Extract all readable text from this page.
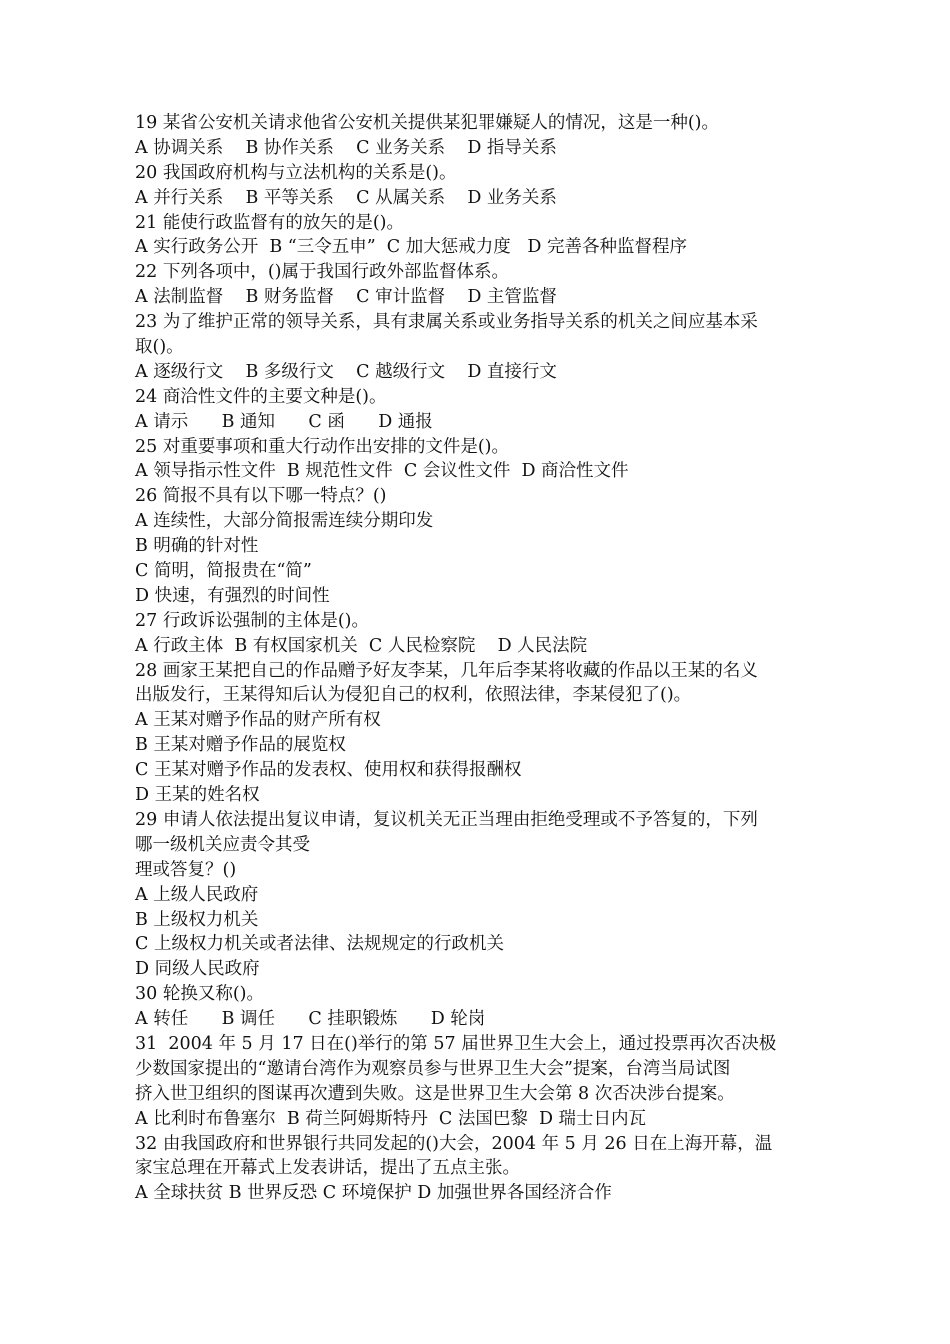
19 某省公安机关请求他省公安机关提供某犯罪嫌疑人的情况，这是一种()。
A 协调关系    B 协作关系    C 业务关系    D 指导关系
20 我国政府机构与立法机构的关系是()。
A 并行关系    B 平等关系    C 从属关系    D 业务关系
21 能使行政监督有的放矢的是()。
A 实行政务公开  B “三令五申”  C 加大惩戒力度   D 完善各种监督程序
22 下列各项中，()属于我国行政外部监督体系。
A 法制监督    B 财务监督    C 审计监督    D 主管监督
23 为了维护正常的领导关系，具有隶属关系或业务指导关系的机关之间应基本采
取()。
A 逐级行文    B 多级行文    C 越级行文    D 直接行文
24 商洽性文件的主要文种是()。
A 请示      B 通知      C 函      D 通报
25 对重要事项和重大行动作出安排的文件是()。
A 领导指示性文件  B 规范性文件  C 会议性文件  D 商洽性文件
26 简报不具有以下哪一特点？()
A 连续性，大部分简报需连续分期印发
B 明确的针对性
C 简明，简报贵在“简”
D 快速，有强烈的时间性
27 行政诉讼强制的主体是()。
A 行政主体  B 有权国家机关  C 人民检察院    D 人民法院
28 画家王某把自己的作品赠予好友李某，几年后李某将收藏的作品以王某的名义
出版发行，王某得知后认为侵犯自己的权利，依照法律，李某侵犯了()。
A 王某对赠予作品的财产所有权
B 王某对赠予作品的展览权
C 王某对赠予作品的发表权、使用权和获得报酬权
D 王某的姓名权
29 申请人依法提出复议申请，复议机关无正当理由拒绝受理或不予答复的，下列
哪一级机关应责令其受
理或答复？()
A 上级人民政府
B 上级权力机关
C 上级权力机关或者法律、法规规定的行政机关
D 同级人民政府
30 轮换又称()。
A 转任      B 调任      C 挂职锻炼      D 轮岗
31  2004 年 5 月 17 日在()举行的第 57 届世界卫生大会上，通过投票再次否决极
少数国家提出的“邀请台湾作为观察员参与世界卫生大会”提案，台湾当局试图
挤入世卫组织的图谋再次遭到失败。这是世界卫生大会第 8 次否决涉台提案。
A 比利时布鲁塞尔  B 荷兰阿姆斯特丹  C 法国巴黎  D 瑞士日内瓦
32 由我国政府和世界银行共同发起的()大会，2004 年 5 月 26 日在上海开幕，温
家宝总理在开幕式上发表讲话，提出了五点主张。
A 全球扶贫 B 世界反恐 C 环境保护 D 加强世界各国经济合作
